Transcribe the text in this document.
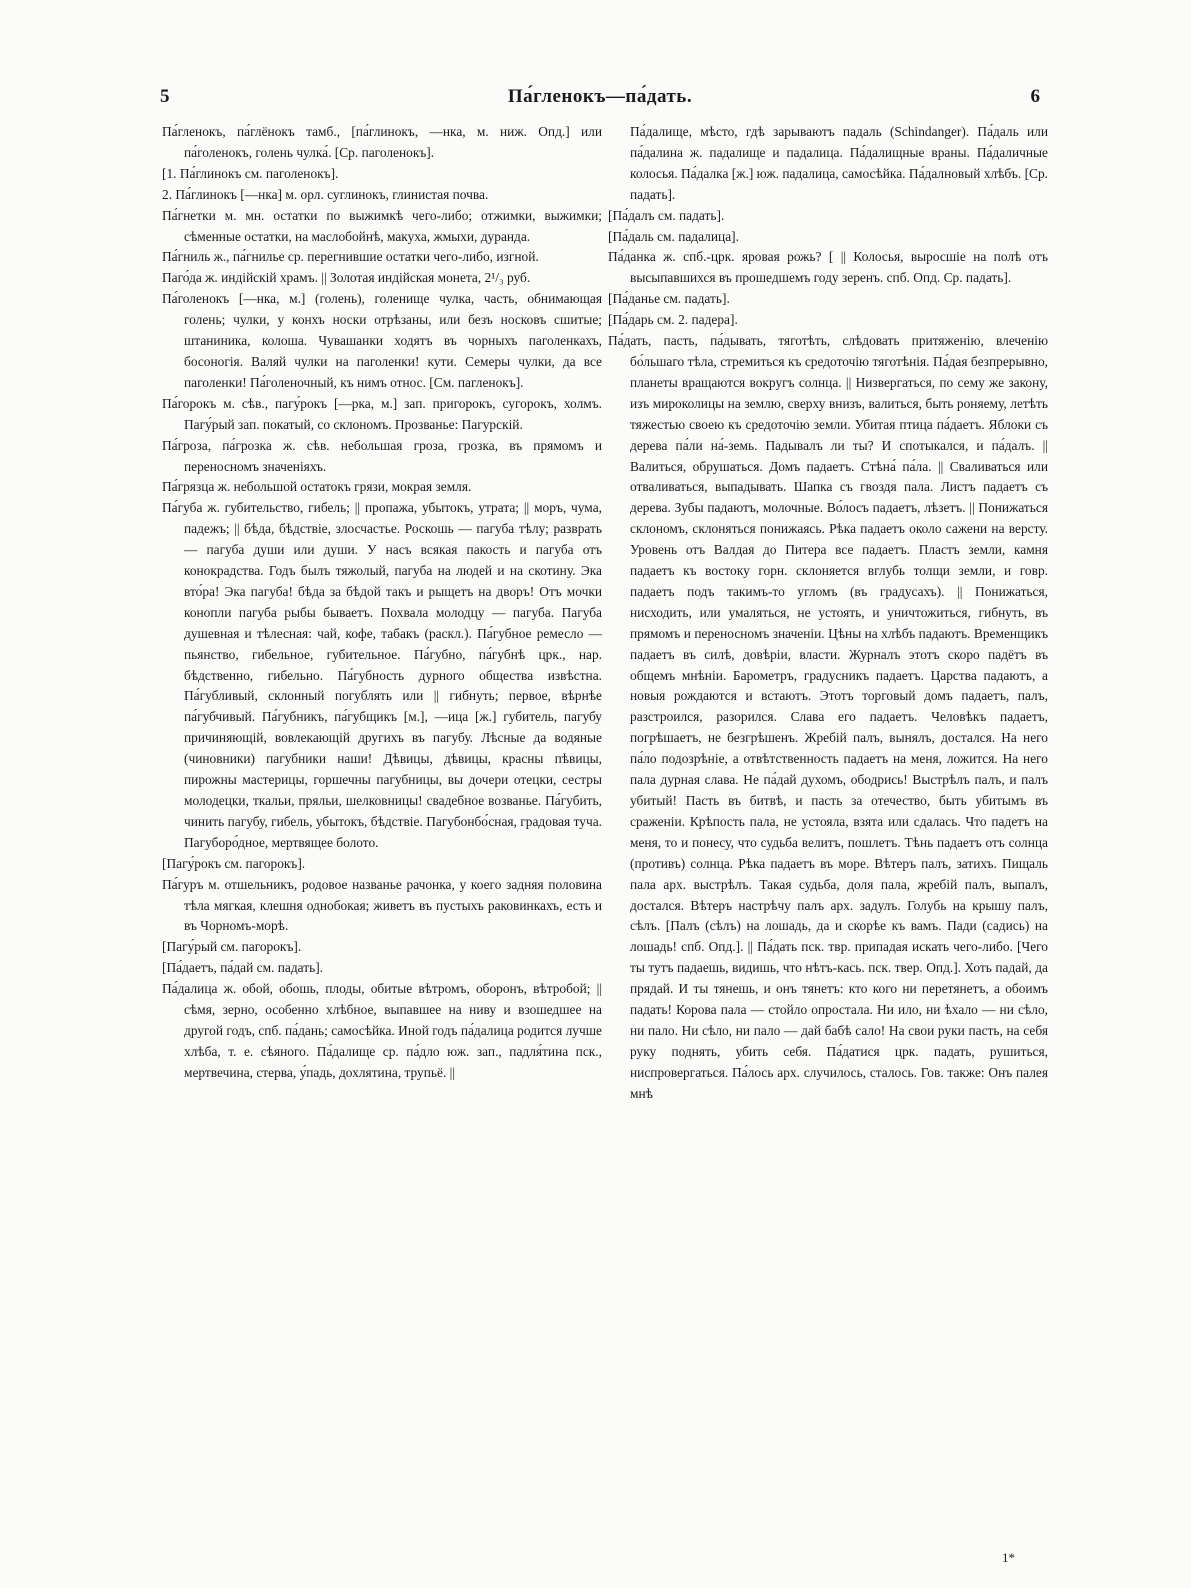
5	Па́гленокъ—па́дать.	6

Па́гленокъ, па́глёнокъ тамб., [па́глинокъ, —нка, м. ниж. Опд.] или па́голенокъ, голень чулка́. [Ср. паголенокъ].

[1. Па́глинокъ см. паголенокъ].

2. Па́глинокъ [—нка] м. орл. суглинокъ, глинистая почва.

Па́гнетки м. мн. остатки по выжимкѣ чего-либо; отжимки, выжимки; сѣменные остатки, на маслобойнѣ, макуха, жмыхи, дуранда.

Па́гниль ж., па́гнилье ср. перегнившие остатки чего-либо, изгной.

Паго́да ж. индійскій храмъ. || Золотая индійская монета, 2¹/₃ руб.

Па́голенокъ [—нка, м.] (голень), голенище чулка, часть, обнимающая голень; чулки, у конхъ носки отрѣзаны, или безъ носковъ сшитые; штаниника, колоша. Чувашанки ходятъ въ чорныхъ паголенкахъ, босоногія. Валяй чулки на паголенки! кути. Семеры чулки, да все паголенки! Па́голеночный, къ нимъ относ. [См. пагленокъ].

Па́горокъ м. сѣв., пагу́рокъ [—рка, м.] зап. пригорокъ, сугорокъ, холмъ. Пагу́рый зап. покатый, со склономъ. Прозванье: Пагурскій.

Па́гроза, па́грозка ж. сѣв. небольшая гроза, грозка, въ прямомъ и переносномъ значеніяхъ.

Па́грязца ж. небольшой остатокъ грязи, мокрая земля.

Па́губа ж. губительство, гибель; || пропажа, убытокъ, утрата; || моръ, чума, падежъ; || бѣда, бѣдствіе, злосчастье. Роскошь — пагуба тѣлу; разврать — пагуба души или души. У насъ всякая пакость и пагуба отъ конокрадства. Годъ былъ тяжолый, пагуба на людей и на скотину. Эка вто́ра! Эка пагуба! бѣда за бѣдой такъ и рыщетъ на дворъ! Отъ мочки конопли пагуба рыбы бываетъ. Похвала молодцу — пагуба. Пагуба душевная и тѣлесная: чай, кофе, табакъ (раскл.). Па́губное ремесло — пьянство, гибельное, губительное. Па́губно, па́губнѣ црк., нар. бѣдственно, гибельно. Па́губность дурного общества извѣстна. Па́губливый, склонный погублять или || гибнуть; первое, вѣрнѣе па́губчивый. Па́губникъ, па́губщикъ [м.], —ица [ж.] губитель, пагубу причиняющій, вовлекающій другихъ въ пагубу. Лѣсные да водяные (чиновники) пагубники наши! Дѣвицы, дѣвицы, красны пѣвицы, пирожны мастерицы, горшечны пагубницы, вы дочери отецки, сестры молодецки, ткальи, пряльи, шелковницы! свадебное возванье. Па́губить, чинить пагубу, гибель, убытокъ, бѣдствіе. Пагубонбо́сная, градовая туча. Пагуборо́дное, мертвящее болото.

[Пагу́рокъ см. пагорокъ].

Па́гуръ м. отшельникъ, родовое названье рачонка, у коего задняя половина тѣла мягкая, клешня однобокая; живетъ въ пустыхъ раковинкахъ, есть и въ Чорномъ-морѣ.

[Пагу́рый см. пагорокъ].

[Па́даетъ, па́дай см. падать].

Па́далица ж. обой, обошь, плоды, обитые вѣтромъ, оборонъ, вѣтробой; || сѣмя, зерно, особенно хлѣбное, выпавшее на ниву и взошедшее на другой годъ, спб. па́дань; самосѣйка. Иной годъ па́далица родится лучше хлѣба, т. е. сѣяного. Па́далище ср. па́дло юж. зап., падля́тина пск., мертвечина, стерва, у́падь, дохлятина, трупьё. ||

Па́далище, мѣсто, гдѣ зарываютъ падаль (Schindanger). Па́даль или па́далина ж. падалище и падалица. Па́далищные враны. Па́даличные колосья. Па́далка [ж.] юж. падалица, самосѣйка. Па́далновый хлѣбъ. [Ср. падать].

[Па́далъ см. падать].

[Па́даль см. падалица].

Па́данка ж. спб.-црк. яровая рожь? [ || Колосья, выросшіе на полѣ отъ высыпавшихся въ прошедшемъ году зеренъ. спб. Опд. Ср. падать].

[Па́данье см. падать].

[Па́дарь см. 2. падера].

Па́дать, пасть, па́дывать, тяготѣть, слѣдовать притяженію, влеченію бо́льшаго тѣла, стремиться къ средоточію тяготѣнія. Па́дая безпрерывно, планеты вращаются вокругъ солнца. || Низвергаться, по сему же закону, изъ мироколицы на землю, сверху внизъ, валиться, быть роняему, летѣть тяжестью своею къ средоточію земли. Убитая птица па́даетъ. Яблоки съ дерева па́ли на́-земь. Падывалъ ли ты? И спотыкался, и па́далъ. || Валиться, обрушаться. Домъ падаетъ. Стѣна́ па́ла. || Сваливаться или отваливаться, выпадывать. Шапка съ гвоздя пала. Листъ падаетъ съ дерева. Зубы падаютъ, молочные. Во́лосъ падаетъ, лѣзетъ. || Понижаться склономъ, склоняться понижаясь. Рѣка падаетъ около сажени на версту. Уровень отъ Валдая до Питера все падаетъ. Пластъ земли, камня падаетъ къ востоку горн. склоняется вглубь толщи земли, и говр. падаетъ подъ такимъ-то угломъ (въ градусахъ). || Понижаться, нисходить, или умаляться, не устоять, и уничтожиться, гибнуть, въ прямомъ и переносномъ значеніи. Цѣны на хлѣбъ падаютъ. Временщикъ падаетъ въ силѣ, довѣріи, власти. Журналъ этотъ скоро падётъ въ общемъ мнѣніи. Барометръ, градусникъ падаетъ. Царства падаютъ, а новыя рождаются и встаютъ. Этотъ торговый домъ падаетъ, палъ, разстроился, разорился. Слава его падаетъ. Человѣкъ падаетъ, погрѣшаетъ, не безгрѣшенъ. Жребій палъ, вынялъ, достался. На него па́ло подозрѣніе, а отвѣтственность падаетъ на меня, ложится. На него пала дурная слава. Не па́дай духомъ, ободрись! Выстрѣлъ палъ, и палъ убитый! Пасть въ битвѣ, и пасть за отечество, быть убитымъ въ сраженіи. Крѣпость пала, не устояла, взята или сдалась. Что падетъ на меня, то и понесу, что судьба велитъ, пошлетъ. Тѣнь падаетъ отъ солнца (противъ) солнца. Рѣка падаетъ въ море. Вѣтеръ палъ, затихъ. Пищаль пала арх. выстрѣлъ. Такая судьба, доля пала, жребій палъ, выпалъ, достался. Вѣтеръ настрѣчу палъ арх. задулъ. Голубь на крышу палъ, сѣлъ. [Палъ (сѣлъ) на лошадь, да и скорѣе къ вамъ. Пади (садись) на лошадь! спб. Опд.]. || Па́дать пск. твр. припадая искать чего-либо. [Чего ты тутъ падаешь, видишь, что нѣтъ-кась. пск. твер. Опд.]. Хоть падай, да прядай. И ты тянешь, и онъ тянетъ: кто кого ни перетянетъ, а обоимъ падать! Корова пала — стойло опростала. Ни ило, ни ѣхало — ни сѣло, ни пало. Ни сѣло, ни пало — дай бабѣ сало! На свои руки пасть, на себя руку поднять, убить себя. Па́датися црк. падать, рушиться, ниспровергаться. Па́лось арх. случилось, сталось. Гов. также: Онъ палея мнѣ

1*
